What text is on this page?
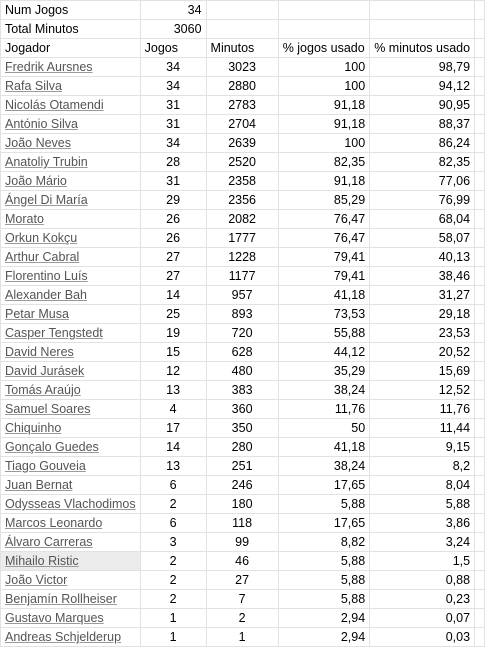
Num Jogos	34				
Total Minutos	3060				
Jogador	Jogos	Minutos	% jogos usado	% minutos usado	
Fredrik Aursnes	34	3023	100	98,79	
Rafa Silva	34	2880	100	94,12	
Nicolás Otamendi	31	2783	91,18	90,95	
António Silva	31	2704	91,18	88,37	
João Neves	34	2639	100	86,24	
Anatoliy Trubin	28	2520	82,35	82,35	
João Mário	31	2358	91,18	77,06	
Ángel Di María	29	2356	85,29	76,99	
Morato	26	2082	76,47	68,04	
Orkun Kokçu	26	1777	76,47	58,07	
Arthur Cabral	27	1228	79,41	40,13	
Florentino Luís	27	1177	79,41	38,46	
Alexander Bah	14	957	41,18	31,27	
Petar Musa	25	893	73,53	29,18	
Casper Tengstedt	19	720	55,88	23,53	
David Neres	15	628	44,12	20,52	
David Jurásek	12	480	35,29	15,69	
Tomás Araújo	13	383	38,24	12,52	
Samuel Soares	4	360	11,76	11,76	
Chiquinho	17	350	50	11,44	
Gonçalo Guedes	14	280	41,18	9,15	
Tiago Gouveia	13	251	38,24	8,2	
Juan Bernat	6	246	17,65	8,04	
Odysseas Vlachodimos	2	180	5,88	5,88	
Marcos Leonardo	6	118	17,65	3,86	
Álvaro Carreras	3	99	8,82	3,24	
Mihailo Ristic	2	46	5,88	1,5	
João Victor	2	27	5,88	0,88	
Benjamín Rollheiser	2	7	5,88	0,23	
Gustavo Marques	1	2	2,94	0,07	
Andreas Schjelderup	1	1	2,94	0,03	
